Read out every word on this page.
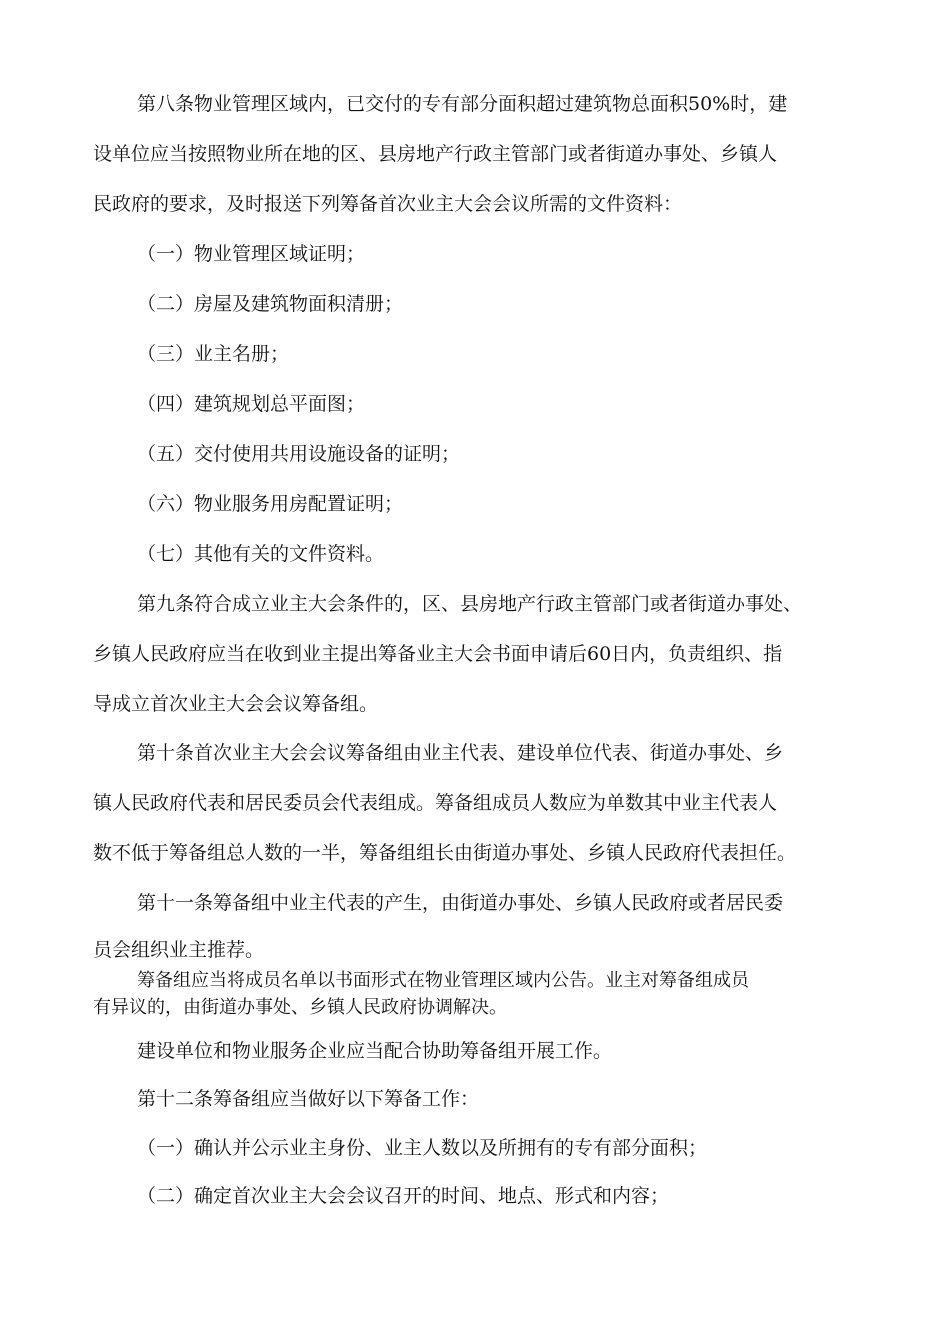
第八条物业管理区域内，已交付的专有部分面积超过建筑物总面积50%时，建
设单位应当按照物业所在地的区、县房地产行政主管部门或者街道办事处、乡镇人
民政府的要求，及时报送下列筹备首次业主大会会议所需的文件资料：
（一）物业管理区域证明；
（二）房屋及建筑物面积清册；
（三）业主名册；
（四）建筑规划总平面图；
（五）交付使用共用设施设备的证明；
（六）物业服务用房配置证明；
（七）其他有关的文件资料。
第九条符合成立业主大会条件的，区、县房地产行政主管部门或者街道办事处、
乡镇人民政府应当在收到业主提出筹备业主大会书面申请后60日内，负责组织、指
导成立首次业主大会会议筹备组。
第十条首次业主大会会议筹备组由业主代表、建设单位代表、街道办事处、乡
镇人民政府代表和居民委员会代表组成。筹备组成员人数应为单数其中业主代表人
数不低于筹备组总人数的一半，筹备组组长由街道办事处、乡镇人民政府代表担任。
第十一条筹备组中业主代表的产生，由街道办事处、乡镇人民政府或者居民委
员会组织业主推荐。
筹备组应当将成员名单以书面形式在物业管理区域内公告。业主对筹备组成员
有异议的，由街道办事处、乡镇人民政府协调解决。
建设单位和物业服务企业应当配合协助筹备组开展工作。
第十二条筹备组应当做好以下筹备工作：
（一）确认并公示业主身份、业主人数以及所拥有的专有部分面积；
（二）确定首次业主大会会议召开的时间、地点、形式和内容；
